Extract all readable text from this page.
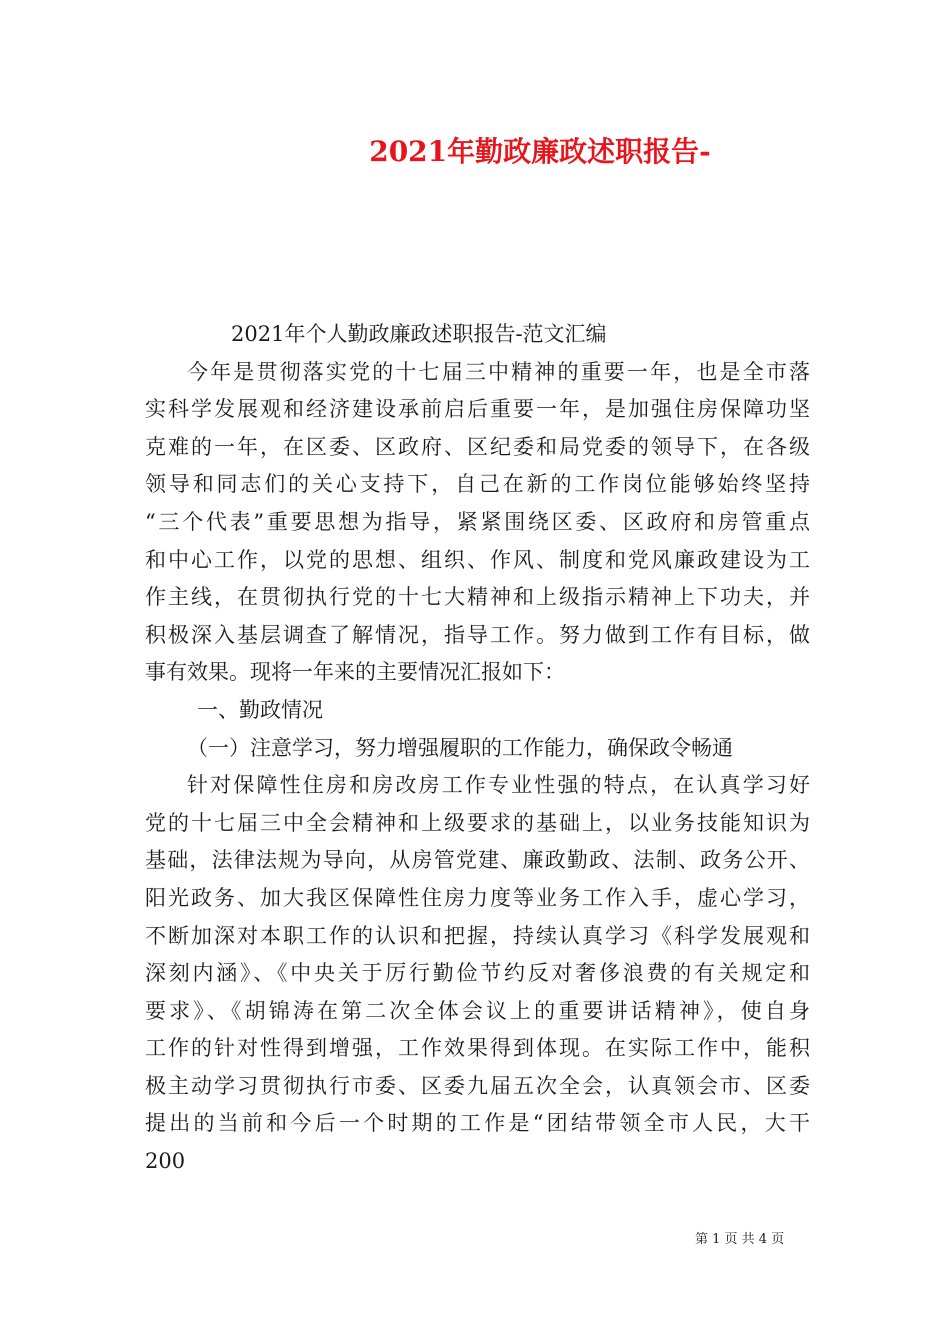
2021年勤政廉政述职报告-
2021年个人勤政廉政述职报告-范文汇编
今年是贯彻落实党的十七届三中精神的重要一年，也是全市落
实科学发展观和经济建设承前启后重要一年，是加强住房保障功坚
克难的一年，在区委、区政府、区纪委和局党委的领导下，在各级
领导和同志们的关心支持下，自己在新的工作岗位能够始终坚持
“三个代表”重要思想为指导，紧紧围绕区委、区政府和房管重点
和中心工作，以党的思想、组织、作风、制度和党风廉政建设为工
作主线，在贯彻执行党的十七大精神和上级指示精神上下功夫，并
积极深入基层调查了解情况，指导工作。努力做到工作有目标，做
事有效果。现将一年来的主要情况汇报如下：
一、勤政情况
（一）注意学习，努力增强履职的工作能力，确保政令畅通
针对保障性住房和房改房工作专业性强的特点，在认真学习好
党的十七届三中全会精神和上级要求的基础上，以业务技能知识为
基础，法律法规为导向，从房管党建、廉政勤政、法制、政务公开、
阳光政务、加大我区保障性住房力度等业务工作入手，虚心学习，
不断加深对本职工作的认识和把握，持续认真学习《科学发展观和
深刻内涵》、《中央关于厉行勤俭节约反对奢侈浪费的有关规定和
要求》、《胡锦涛在第二次全体会议上的重要讲话精神》，使自身
工作的针对性得到增强，工作效果得到体现。在实际工作中，能积
极主动学习贯彻执行市委、区委九届五次全会，认真领会市、区委
提出的当前和今后一个时期的工作是“团结带领全市人民，大干
200
第 1 页 共 4 页
